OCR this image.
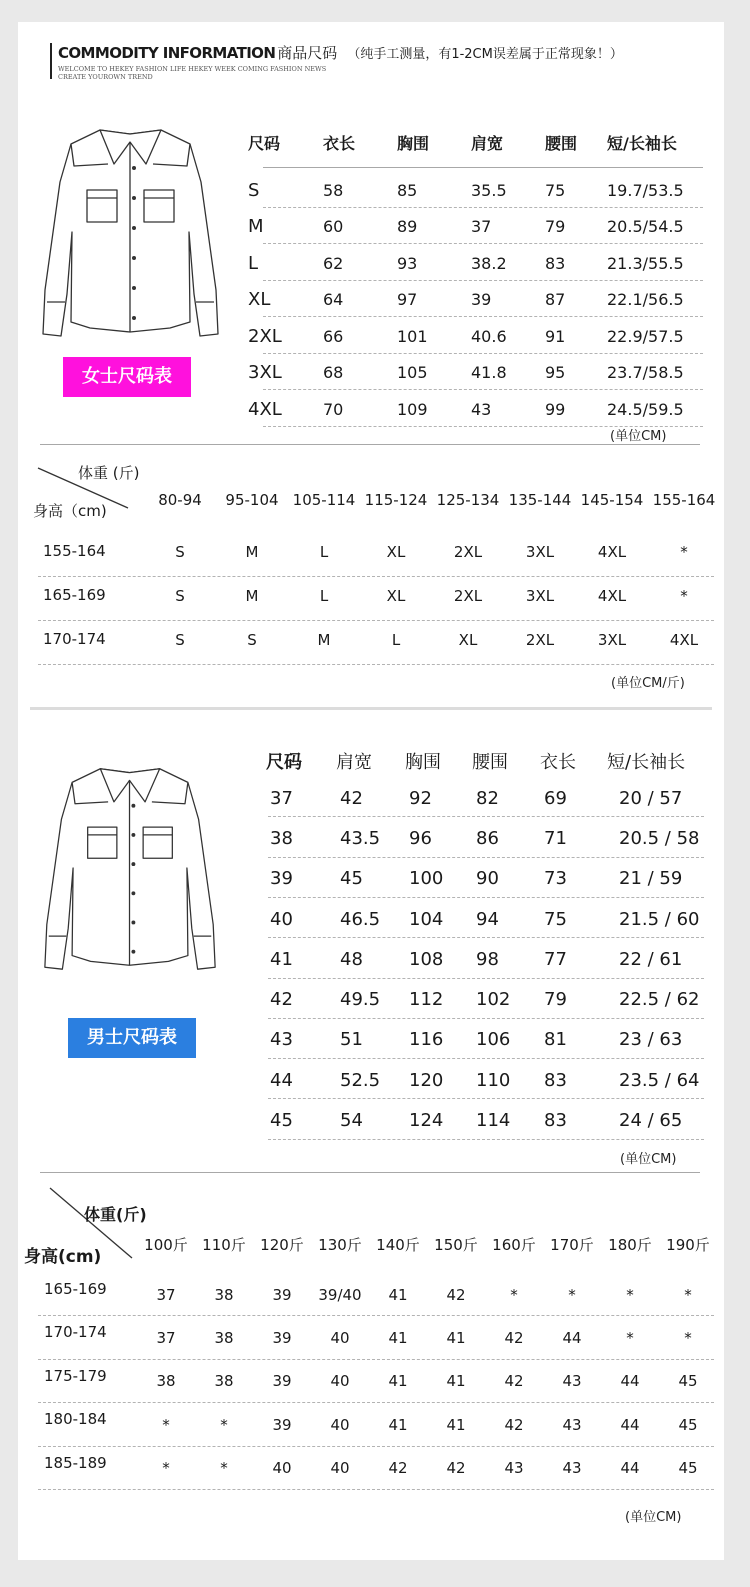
COMMODITY INFORMATION 商品尺码 （纯手工测量，有1-2CM误差属于正常现象！）
WELCOME TO HEKEY FASHION LIFE HEKEY WEEK COMING FASHION NEWS
CREATE YOUROWN TREND
女士尺码表
尺码	衣长	胸围	肩宽	腰围	短/长袖长
S	58	85	35.5	75	19.7/53.5
M	60	89	37	79	20.5/54.5
L	62	93	38.2	83	21.3/55.5
XL	64	97	39	87	22.1/56.5
2XL	66	101	40.6	91	22.9/57.5
3XL	68	105	41.8	95	23.7/58.5
4XL	70	109	43	99	24.5/59.5
(单位CM)
体重 (斤)
身高（cm)
80-94	95-104 105-114 115-124 125-134 135-144 145-154 155-164
155-164	S	M	L	XL	2XL	3XL	4XL	*
165-169	S	M	L	XL	2XL	3XL	4XL	*
170-174	S	S	M	L	XL	2XL	3XL	4XL
(单位CM/斤)
男士尺码表
尺码	肩宽	胸围	腰围	衣长	短/长袖长
37	42	92	82	69	20 / 57
38	43.5	96	86	71	20.5 / 58
39	45	100	90	73	21 / 59
40	46.5	104	94	75	21.5 / 60
41	48	108	98	77	22 / 61
42	49.5	112	102	79	22.5 / 62
43	51	116	106	81	23 / 63
44	52.5	120	110	83	23.5 / 64
45	54	124	114	83	24 / 65
(单位CM)
体重(斤)
身高(cm)
100斤 110斤 120斤 130斤 140斤 150斤 160斤 170斤 180斤 190斤
165-169	37	38	39	39/40	41	42	*	*	*	*
170-174	37	38	39	40	41	41	42	44	*	*
175-179	38	38	39	40	41	41	42	43	44	45
180-184	*	*	39	40	41	41	42	43	44	45
185-189	*	*	40	40	42	42	43	43	44	45
(单位CM)
